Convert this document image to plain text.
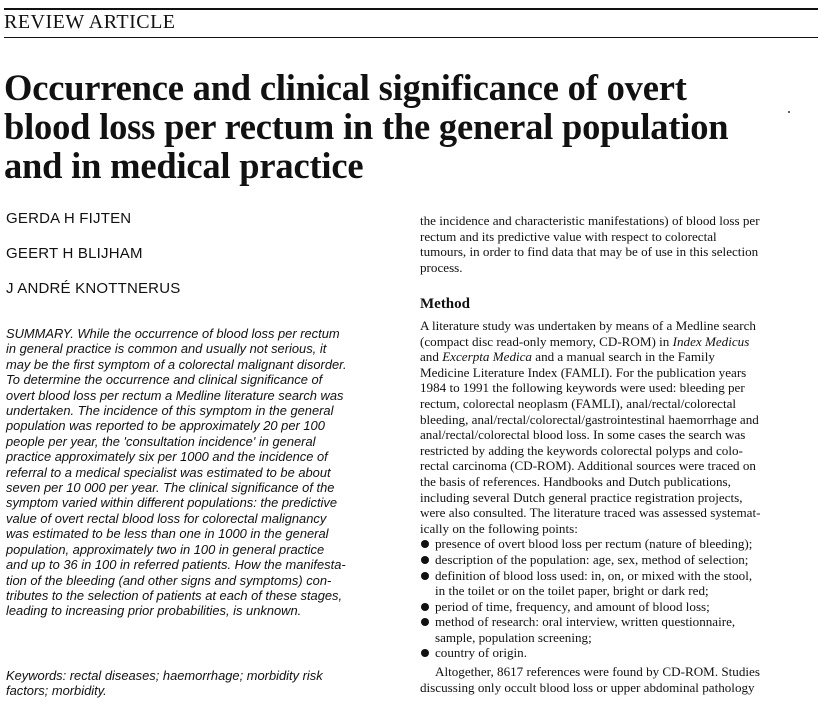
REVIEW ARTICLE
Occurrence and clinical significance of overt
blood loss per rectum in the general population
and in medical practice
GERDA H FIJTEN
GEERT H BLIJHAM
J ANDRÉ KNOTTNERUS
SUMMARY. While the occurrence of blood loss per rectum
in general practice is common and usually not serious, it
may be the first symptom of a colorectal malignant disorder.
To determine the occurrence and clinical significance of
overt blood loss per rectum a Medline literature search was
undertaken. The incidence of this symptom in the general
population was reported to be approximately 20 per 100
people per year, the 'consultation incidence' in general
practice approximately six per 1000 and the incidence of
referral to a medical specialist was estimated to be about
seven per 10 000 per year. The clinical significance of the
symptom varied within different populations: the predictive
value of overt rectal blood loss for colorectal malignancy
was estimated to be less than one in 1000 in the general
population, approximately two in 100 in general practice
and up to 36 in 100 in referred patients. How the manifesta-
tion of the bleeding (and other signs and symptoms) con-
tributes to the selection of patients at each of these stages,
leading to increasing prior probabilities, is unknown.
Keywords: rectal diseases; haemorrhage; morbidity risk
factors; morbidity.
the incidence and characteristic manifestations) of blood loss per
rectum and its predictive value with respect to colorectal
tumours, in order to find data that may be of use in this selection
process.
Method
A literature study was undertaken by means of a Medline search
(compact disc read-only memory, CD-ROM) in Index Medicus
and Excerpta Medica and a manual search in the Family
Medicine Literature Index (FAMLI). For the publication years
1984 to 1991 the following keywords were used: bleeding per
rectum, colorectal neoplasm (FAMLI), anal/rectal/colorectal
bleeding, anal/rectal/colorectal/gastrointestinal haemorrhage and
anal/rectal/colorectal blood loss. In some cases the search was
restricted by adding the keywords colorectal polyps and colo-
rectal carcinoma (CD-ROM). Additional sources were traced on
the basis of references. Handbooks and Dutch publications,
including several Dutch general practice registration projects,
were also consulted. The literature traced was assessed systemat-
ically on the following points:
presence of overt blood loss per rectum (nature of bleeding);
description of the population: age, sex, method of selection;
definition of blood loss used: in, on, or mixed with the stool,
in the toilet or on the toilet paper, bright or dark red;
period of time, frequency, and amount of blood loss;
method of research: oral interview, written questionnaire,
sample, population screening;
country of origin.
Altogether, 8617 references were found by CD-ROM. Studies
discussing only occult blood loss or upper abdominal pathology
